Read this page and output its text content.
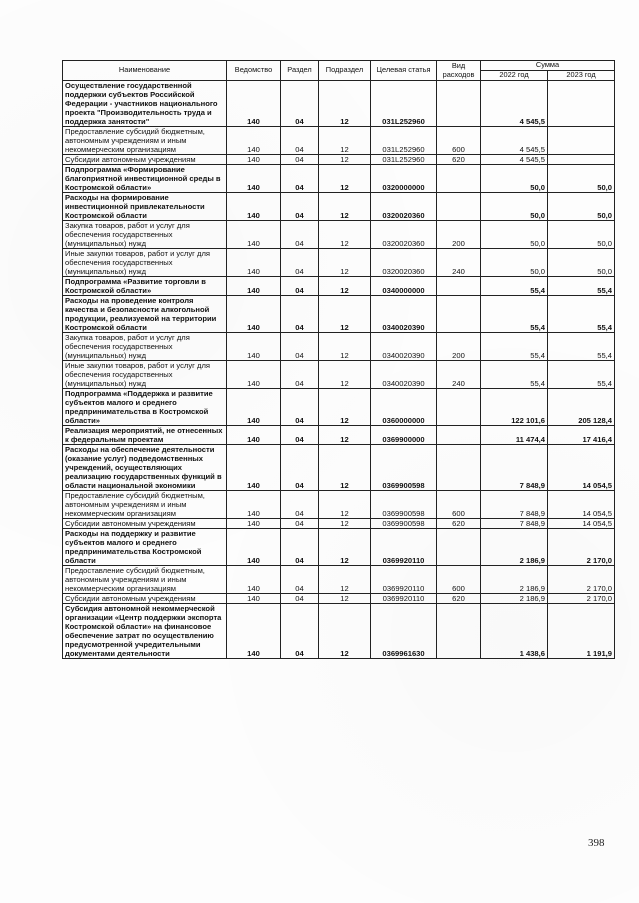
Наименование	Ведомство	Раздел	Подраздел	Целевая статья	Вид расходов	Сумма	
						2022 год	2023 год
Осуществление государственной поддержки субъектов Российской Федерации - участников национального проекта "Производительность труда и поддержка занятости"	140	04	12	031L252960		4 545,5	
Предоставление субсидий бюджетным, автономным учреждениям и иным некоммерческим организациям	140	04	12	031L252960	600	4 545,5	
Субсидии автономным учреждениям	140	04	12	031L252960	620	4 545,5	
Подпрограмма «Формирование благоприятной инвестиционной среды в Костромской области»	140	04	12	0320000000		50,0	50,0
Расходы на формирование инвестиционной привлекательности Костромской области	140	04	12	0320020360		50,0	50,0
Закупка товаров, работ и услуг для обеспечения государственных (муниципальных) нужд	140	04	12	0320020360	200	50,0	50,0
Иные закупки товаров, работ и услуг для обеспечения государственных (муниципальных) нужд	140	04	12	0320020360	240	50,0	50,0
Подпрограмма «Развитие торговли в Костромской области»	140	04	12	0340000000		55,4	55,4
Расходы на проведение контроля качества и безопасности алкогольной продукции, реализуемой на территории Костромской области	140	04	12	0340020390		55,4	55,4
Закупка товаров, работ и услуг для обеспечения государственных (муниципальных) нужд	140	04	12	0340020390	200	55,4	55,4
Иные закупки товаров, работ и услуг для обеспечения государственных (муниципальных) нужд	140	04	12	0340020390	240	55,4	55,4
Подпрограмма «Поддержка и развитие субъектов малого и среднего предпринимательства в Костромской области»	140	04	12	0360000000		122 101,6	205 128,4
Реализация мероприятий, не отнесенных к федеральным проектам	140	04	12	0369900000		11 474,4	17 416,4
Расходы на обеспечение деятельности (оказание услуг) подведомственных учреждений, осуществляющих реализацию государственных функций в области национальной экономики	140	04	12	0369900598		7 848,9	14 054,5
Предоставление субсидий бюджетным, автономным учреждениям и иным некоммерческим организациям	140	04	12	0369900598	600	7 848,9	14 054,5
Субсидии автономным учреждениям	140	04	12	0369900598	620	7 848,9	14 054,5
Расходы на поддержку и развитие субъектов малого и среднего предпринимательства Костромской области	140	04	12	0369920110		2 186,9	2 170,0
Предоставление субсидий бюджетным, автономным учреждениям и иным некоммерческим организациям	140	04	12	0369920110	600	2 186,9	2 170,0
Субсидии автономным учреждениям	140	04	12	0369920110	620	2 186,9	2 170,0
Субсидия автономной некоммерческой организации «Центр поддержки экспорта Костромской области» на финансовое обеспечение затрат по осуществлению предусмотренной учредительными документами деятельности	140	04	12	0369961630		1 438,6	1 191,9
398
